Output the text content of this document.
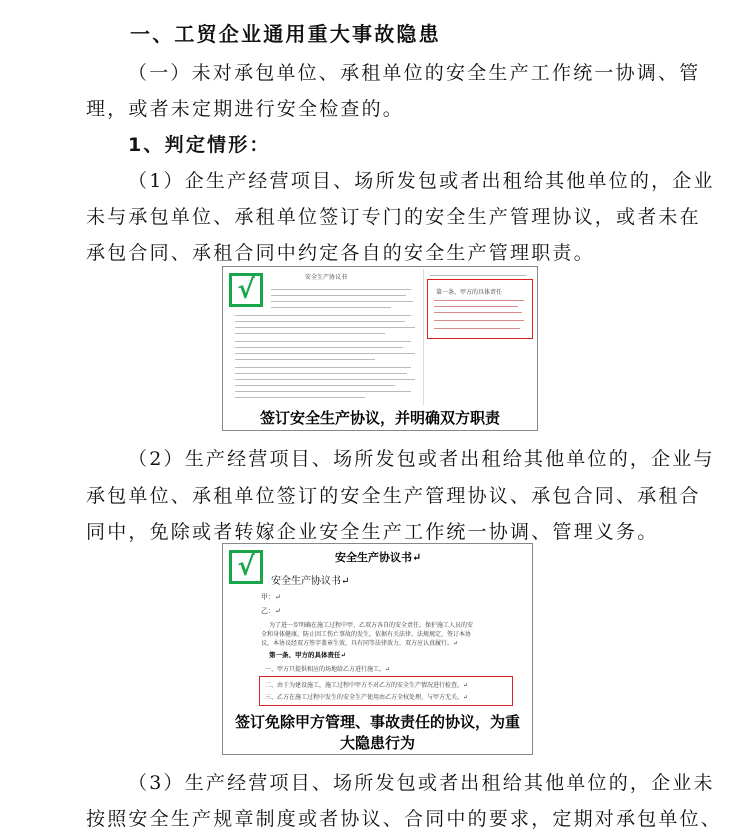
一、工贸企业通用重大事故隐患
（一）未对承包单位、承租单位的安全生产工作统一协调、管
理，或者未定期进行安全检查的。
1、判定情形：
（1）企生产经营项目、场所发包或者出租给其他单位的，企业
未与承包单位、承租单位签订专门的安全生产管理协议，或者未在
承包合同、承租合同中约定各自的安全生产管理职责。
安全生产协议书
第一条、甲方的具体责任
√
签订安全生产协议，并明确双方职责
（2）生产经营项目、场所发包或者出租给其他单位的，企业与
承包单位、承租单位签订的安全生产管理协议、承包合同、承租合
同中，免除或者转嫁企业安全生产工作统一协调、管理义务。
√	安全生产协议书↵
安全生产协议书↵
甲：↵
乙：↵
为了进一步明确在施工过程中甲、乙双方各自的安全责任，保护施工人员的安
全和身体健康，防止因工伤亡事故的发生，依据有关法律、法规规定，签订本协
议，本协议经双方签字盖章生效，具有同等法律效力，双方应认真履行。↵
第一条、甲方的具体责任↵
一、甲方只提供相应的场地给乙方进行施工。↵
二、由于为建设施工，施工过程中甲方不对乙方的安全生产情况进行检查。↵
三、乙方在施工过程中发生的安全生产使用由乙方全权处理，与甲方无关。↵
签订免除甲方管理、事故责任的协议，为重
大隐患行为
（3）生产经营项目、场所发包或者出租给其他单位的，企业未
按照安全生产规章制度或者协议、合同中的要求，定期对承包单位、
